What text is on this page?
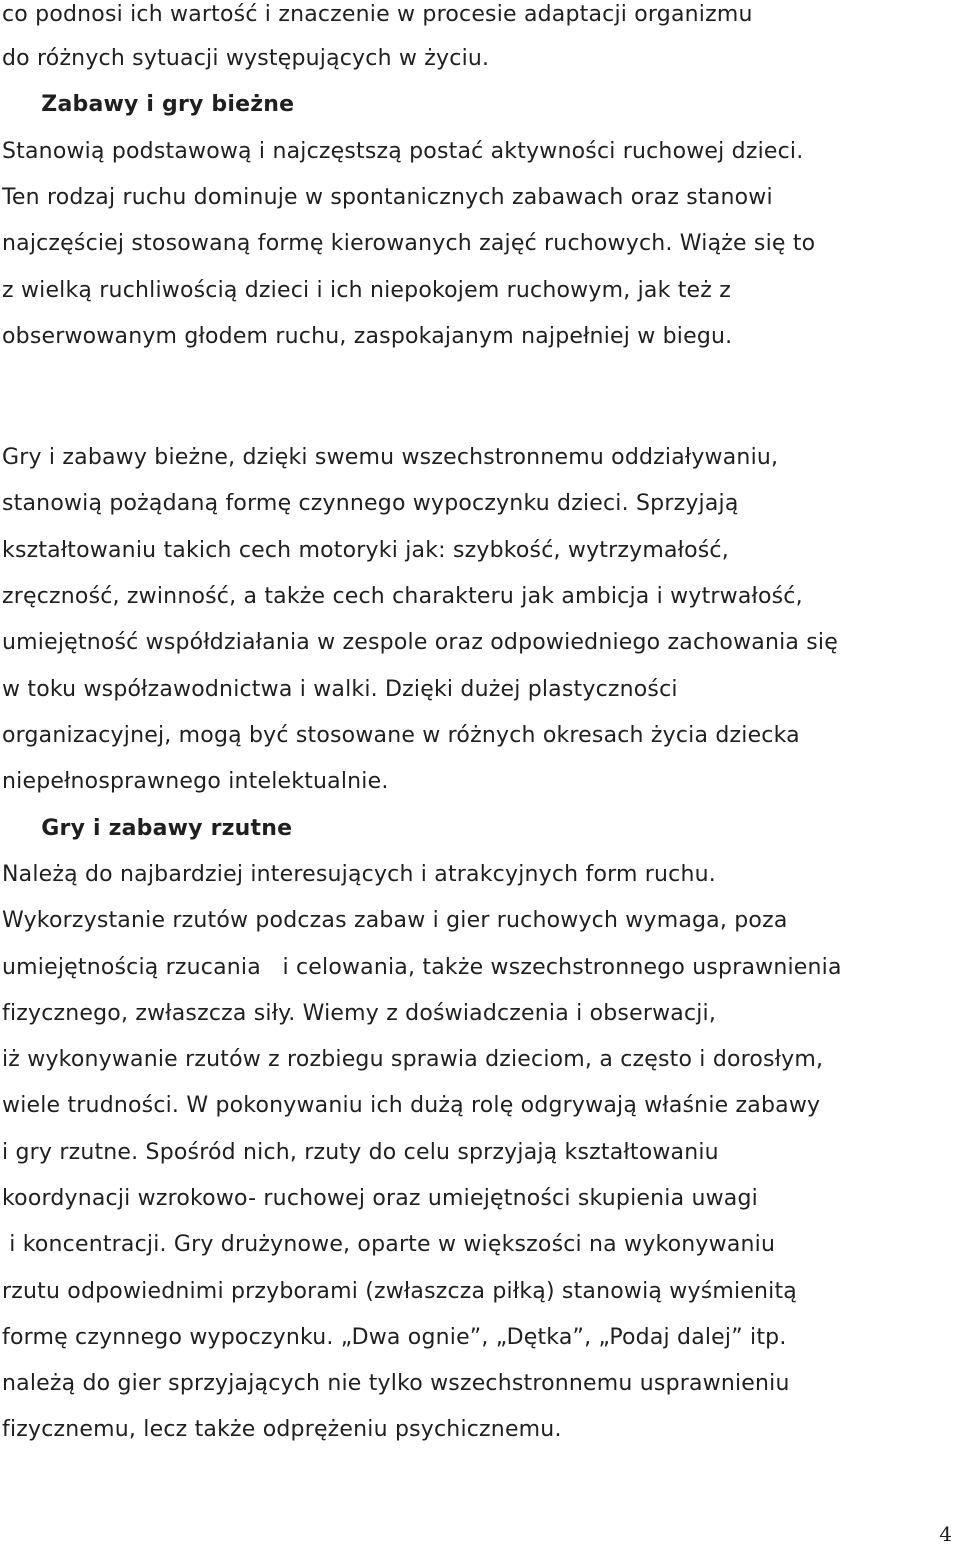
co podnosi ich wartość i znaczenie w procesie adaptacji organizmu
do różnych sytuacji występujących w życiu.
Zabawy i gry bieżne
Stanowią podstawową i najczęstszą postać aktywności ruchowej dzieci.
Ten rodzaj ruchu dominuje w spontanicznych zabawach oraz stanowi
najczęściej stosowaną formę kierowanych zajęć ruchowych. Wiąże się to
z wielką ruchliwością dzieci i ich niepokojem ruchowym, jak też z
obserwowanym głodem ruchu, zaspokajanym najpełniej w biegu.
Gry i zabawy bieżne, dzięki swemu wszechstronnemu oddziaływaniu,
stanowią pożądaną formę czynnego wypoczynku dzieci. Sprzyjają
kształtowaniu takich cech motoryki jak: szybkość, wytrzymałość,
zręczność, zwinność, a także cech charakteru jak ambicja i wytrwałość,
umiejętność współdziałania w zespole oraz odpowiedniego zachowania się
w toku współzawodnictwa i walki. Dzięki dużej plastyczności
organizacyjnej, mogą być stosowane w różnych okresach życia dziecka
niepełnosprawnego intelektualnie.
Gry i zabawy rzutne
Należą do najbardziej interesujących i atrakcyjnych form ruchu.
Wykorzystanie rzutów podczas zabaw i gier ruchowych wymaga, poza
umiejętnością rzucania   i celowania, także wszechstronnego usprawnienia
fizycznego, zwłaszcza siły. Wiemy z doświadczenia i obserwacji,
iż wykonywanie rzutów z rozbiegu sprawia dzieciom, a często i dorosłym,
wiele trudności. W pokonywaniu ich dużą rolę odgrywają właśnie zabawy
i gry rzutne. Spośród nich, rzuty do celu sprzyjają kształtowaniu
koordynacji wzrokowo- ruchowej oraz umiejętności skupienia uwagi
i koncentracji. Gry drużynowe, oparte w większości na wykonywaniu
rzutu odpowiednimi przyborami (zwłaszcza piłką) stanowią wyśmienitą
formę czynnego wypoczynku. „Dwa ognie”, „Dętka”, „Podaj dalej” itp.
należą do gier sprzyjających nie tylko wszechstronnemu usprawnieniu
fizycznemu, lecz także odprężeniu psychicznemu.
4
